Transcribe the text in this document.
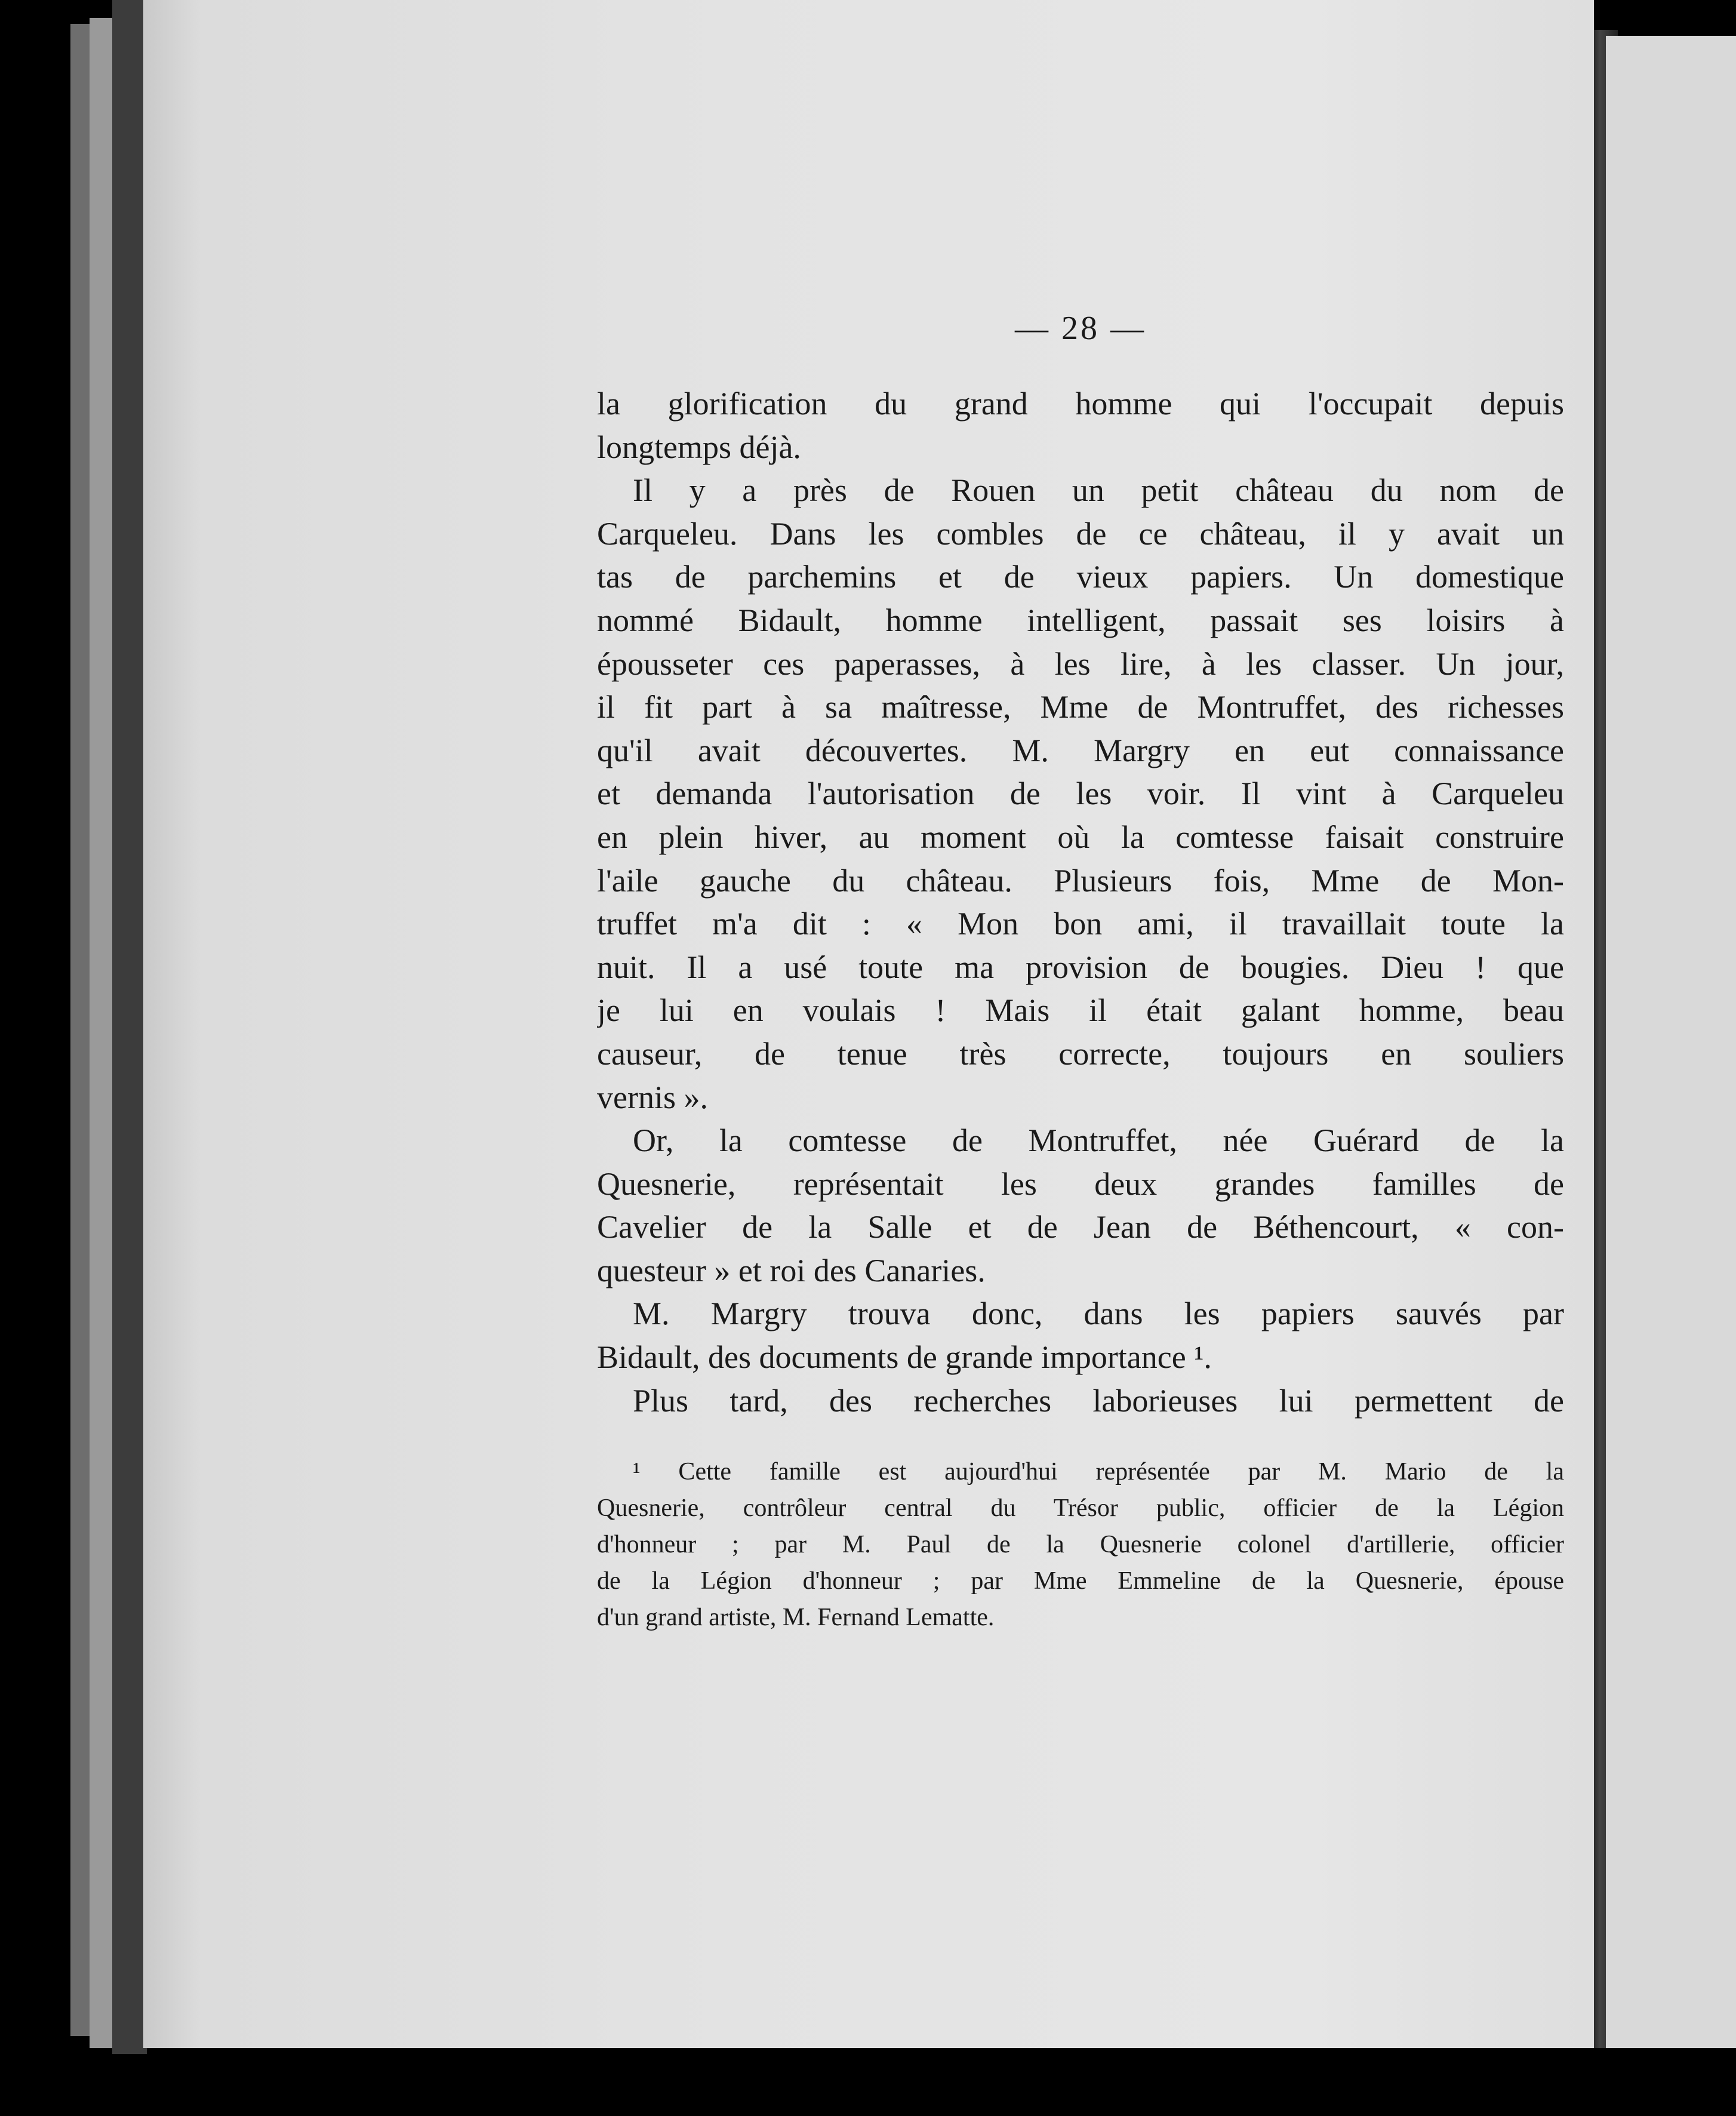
— 28 —
la glorification du grand homme qui l'occupait depuis
longtemps déjà.
Il y a près de Rouen un petit château du nom de
Carqueleu. Dans les combles de ce château, il y avait un
tas de parchemins et de vieux papiers. Un domestique
nommé Bidault, homme intelligent, passait ses loisirs à
épousseter ces paperasses, à les lire, à les classer. Un jour,
il fit part à sa maîtresse, Mme de Montruffet, des richesses
qu'il avait découvertes. M. Margry en eut connaissance
et demanda l'autorisation de les voir. Il vint à Carqueleu
en plein hiver, au moment où la comtesse faisait construire
l'aile gauche du château. Plusieurs fois, Mme de Mon-
truffet m'a dit : « Mon bon ami, il travaillait toute la
nuit. Il a usé toute ma provision de bougies. Dieu ! que
je lui en voulais ! Mais il était galant homme, beau
causeur, de tenue très correcte, toujours en souliers
vernis ».
Or, la comtesse de Montruffet, née Guérard de la
Quesnerie, représentait les deux grandes familles de
Cavelier de la Salle et de Jean de Béthencourt, « con-
questeur » et roi des Canaries.
M. Margry trouva donc, dans les papiers sauvés par
Bidault, des documents de grande importance ¹.
Plus tard, des recherches laborieuses lui permettent de
¹ Cette famille est aujourd'hui représentée par M. Mario de la
Quesnerie, contrôleur central du Trésor public, officier de la Légion
d'honneur ; par M. Paul de la Quesnerie colonel d'artillerie, officier
de la Légion d'honneur ; par Mme Emmeline de la Quesnerie, épouse
d'un grand artiste, M. Fernand Lematte.
